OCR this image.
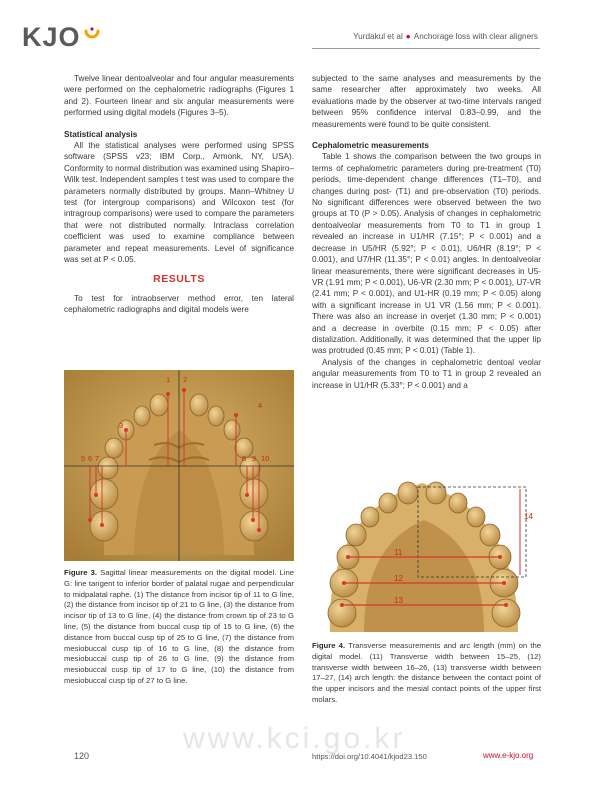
KJO	Yurdakul et al ● Anchorage loss with clear aligners

Twelve linear dentoalveolar and four angular measurements were performed on the cephalometric radiographs (Figures 1 and 2). Fourteen linear and six angular measurements were performed using digital models (Figures 3–5).

Statistical analysis

All the statistical analyses were performed using SPSS software (SPSS v23; IBM Corp., Armonk, NY, USA). Conformity to normal distribution was examined using Shapiro–Wilk test. Independent samples t test was used to compare the parameters normally distributed by groups. Mann–Whitney U test (for intergroup comparisons) and Wilcoxon test (for intragroup comparisons) were used to compare the parameters that were not distributed normally. Intraclass correlation coefficient was used to examine compliance between parameter and repeat measurements. Level of significance was set at P < 0.05.

RESULTS

To test for intraobserver method error, ten lateral cephalometric radiographs and digital models were

subjected to the same analyses and measurements by the same researcher after approximately two weeks. All evaluations made by the observer at two-time intervals ranged between 95% confidence interval 0.83–0.99, and the measurements were found to be quite consistent.

Cephalometric measurements

Table 1 shows the comparison between the two groups in terms of cephalometric parameters during pre-treatment (T0) periods, time-dependent change differences (T1–T0), and changes during post- (T1) and pre-observation (T0) periods. No significant differences were observed between the two groups at T0 (P > 0.05). Analysis of changes in cephalometric dentoalveolar measurements from T0 to T1 in group 1 revealed an increase in U1/HR (7.15°; P < 0.001) and a decrease in U5/HR (5.92°; P < 0.01), U6/HR (8.19°; P < 0.001), and U7/HR (11.35°; P < 0.01) angles. In dentoalveolar linear measurements, there were significant decreases in U5-VR (1.91 mm; P < 0.001), U6-VR (2.30 mm; P < 0.001), U7-VR (2.41 mm; P < 0.001), and U1-HR (0.19 mm; P < 0.05) along with a significant increase in U1 VR (1.56 mm; P < 0.001). There was also an increase in overjet (1.30 mm; P < 0.001) and a decrease in overbite (0.15 mm; P < 0.05) after distalization. Additionally, it was determined that the upper lip was protruded (0.45 mm; P < 0.01) (Table 1).

Analysis of the changes in cephalometric dentoal veolar angular measurements from T0 to T1 in group 2 revealed an increase in U1/HR (5.33°; P < 0.001) and a

1 2
3
4
5 6 7	8 9 10
Figure 3. Sagittal linear measurements on the digital model. Line G: line tangent to inferior border of palatal rugae and perpendicular to midpalatal raphe. (1) The distance from incisor tip of 11 to G line, (2) the distance from incisor tip of 21 to G line, (3) the distance from incisor tip of 13 to G line, (4) the distance from crown tip of 23 to G line, (5) the distance from buccal cusp tip of 15 to G line, (6) the distance from buccal cusp tip of 25 to G line, (7) the distance from mesiobuccal cusp tip of 16 to G line, (8) the distance from mesiobuccal cusp tip of 26 to G line, (9) the distance from mesiobuccal cusp tip of 17 to G line, (10) the distance from mesiobuccal cusp tip of 27 to G line.
11
12
13
14
Figure 4. Transverse measurements and arc length (mm) on the digital model. (11) Transverse width between 15–25, (12) transverse width between 16–26, (13) transverse width between 17–27, (14) arch length: the distance between the contact point of the upper incisors and the mesial contact points of the upper first molars.
www.kci.go.kr
120	https://doi.org/10.4041/kjod23.150	www.e-kjo.org
